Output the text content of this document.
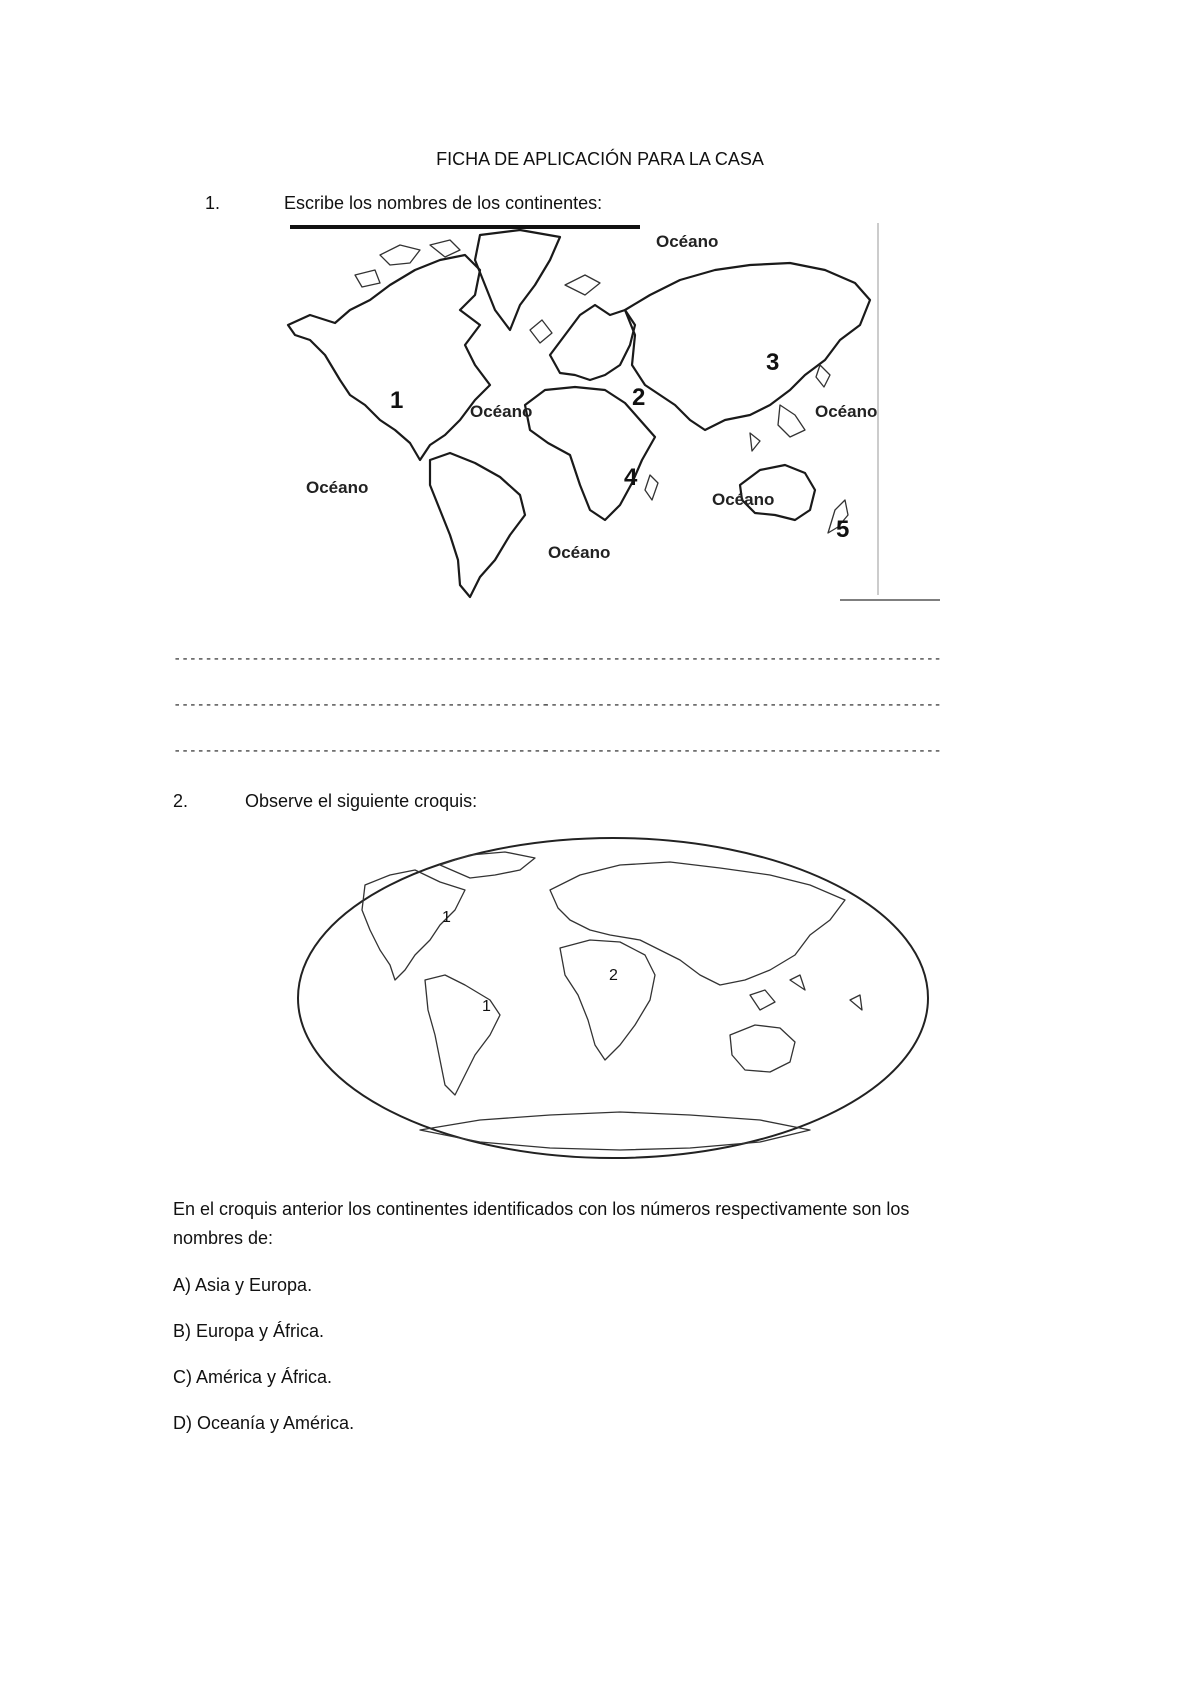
FICHA DE APLICACIÓN PARA LA CASA
1.	Escribe los nombres de los continentes:
Océano
Océano
Océano
Océano
Océano
Océano
1	2
3
4
5
------------------------------------------------
---------------------------------------------------
------------------------------------------------
---------------------------------------------------
------------------------------------------------
---------------------------------------------------
2.	Observe el siguiente croquis:
1
1
2
En el croquis anterior los continentes identificados con los números respectivamente son los
nombres de:
A) Asia y Europa.
B) Europa y África.
C) América y África.
D) Oceanía y América.
